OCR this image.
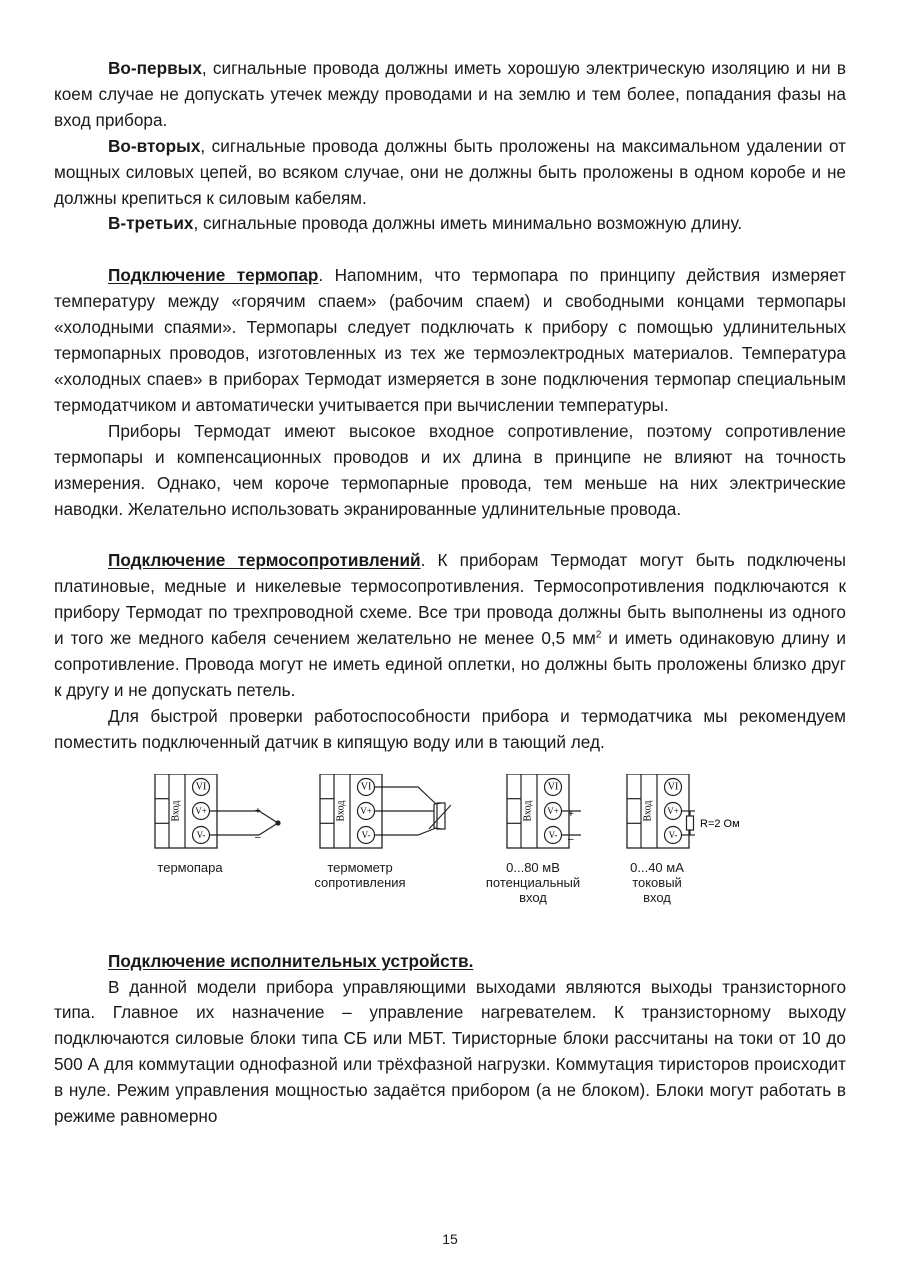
Во-первых, сигнальные провода должны иметь хорошую электрическую изоляцию и ни в коем случае не допускать утечек между проводами и на землю и тем более, попадания фазы на вход прибора.

Во-вторых, сигнальные провода должны быть проложены на максимальном удалении от мощных силовых цепей, во всяком случае, они не должны быть проложены в одном коробе и не должны крепиться к силовым кабелям.

В-третьих, сигнальные провода должны иметь минимально возможную длину.

Подключение термопар. Напомним, что термопара по принципу действия измеряет температуру между «горячим спаем» (рабочим спаем) и свободными концами термопары «холодными спаями». Термопары следует подключать к прибору с помощью удлинительных термопарных проводов, изготовленных из тех же термоэлектродных материалов. Температура «холодных спаев» в приборах Термодат измеряется в зоне подключения термопар специальным термодатчиком и автоматически учитывается при вычислении температуры.

Приборы Термодат имеют высокое входное сопротивление, поэтому сопротивление термопары и компенсационных проводов и их длина в принципе не влияют на точность измерения. Однако, чем короче термопарные провода, тем меньше на них электрические наводки. Желательно использовать экранированные удлинительные провода.

Подключение термосопротивлений. К приборам Термодат могут быть подключены платиновые, медные и никелевые термосопротивления. Термосопротивления подключаются к прибору Термодат по трехпроводной схеме. Все три провода должны быть выполнены из одного и того же медного кабеля сечением желательно не менее 0,5 $мм^2$ и иметь одинаковую длину и сопротивление. Провода могут не иметь единой оплетки, но должны быть проложены близко друг к другу и не допускать петель.

Для быстрой проверки работоспособности прибора и термодатчика мы рекомендуем поместить подключенный датчик в кипящую воду или в тающий лед.

Вход
VI
V+
V-
+
–
Вход
VI
V+
V-
Вход
VI
V+
V-
+
–
Вход
VI
V+
V-
R=2 Ом
термопара	термометр
сопротивления
0...80 мВ
потенциальный
вход
0...40 мА
токовый
вход

Подключение исполнительных устройств.

В данной модели прибора управляющими выходами являются выходы транзисторного типа. Главное их назначение – управление нагревателем. К транзисторному выходу подключаются силовые блоки типа СБ или МБТ. Тиристорные блоки рассчитаны на токи от 10 до 500 А для коммутации однофазной или трёхфазной нагрузки. Коммутация тиристоров происходит в нуле. Режим управления мощностью задаётся прибором (а не блоком). Блоки могут работать в режиме равномерно

15
